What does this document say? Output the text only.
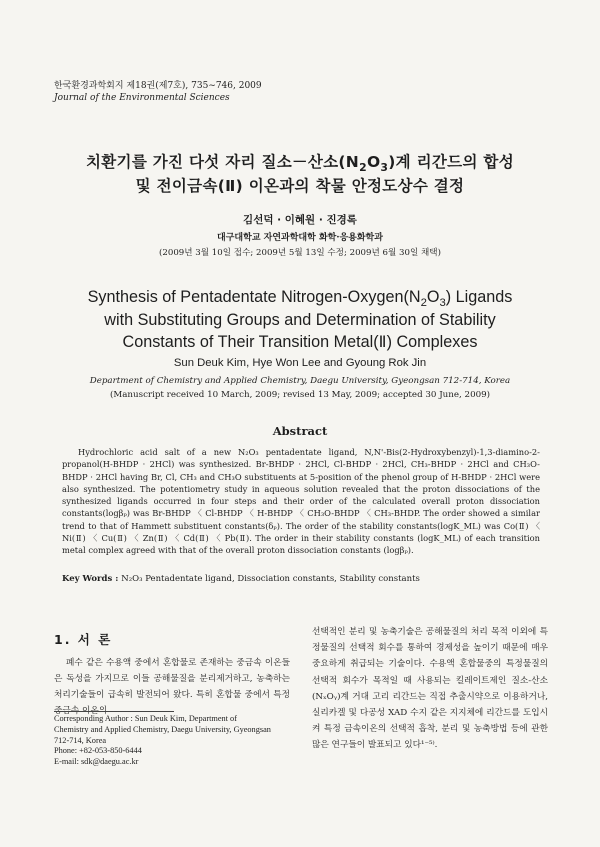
한국환경과학회지 제18권(제7호), 735∼746, 2009
Journal of the Environmental Sciences
치환기를 가진 다섯 자리 질소－산소$(N_2O_3)$계 리간드의 합성
및 전이금속(Ⅱ) 이온과의 착물 안정도상수 결정
김선덕 · 이혜원 · 진경록
대구대학교 자연과학대학 화학·응용화학과
(2009년 3월 10일 접수; 2009년 5월 13일 수정; 2009년 6월 30일 채택)
Synthesis of Pentadentate Nitrogen-$Oxygen(N_2O_3)$ Ligands
with Substituting Groups and Determination of Stability
Constants of Their Transition Metal(Ⅱ) Complexes
Sun Deuk Kim, Hye Won Lee and Gyoung Rok Jin
Department of Chemistry and Applied Chemistry, Daegu University, Gyeongsan 712-714, Korea
(Manuscript received 10 March, 2009; revised 13 May, 2009; accepted 30 June, 2009)
Abstract

Hydrochloric acid salt of a new N₂O₃ pentadentate ligand, N,N'-Bis(2-Hydroxybenzyl)-1,3-diamino-2-propanol(H-BHDP · 2HCl) was synthesized. Br-BHDP · 2HCl, Cl-BHDP · 2HCl, CH₃-BHDP · 2HCl and CH₃O-BHDP · 2HCl having Br, Cl, CH₃ and CH₃O substituents at 5-position of the phenol group of H-BHDP · 2HCl were also synthesized. The potentiometry study in aqueous solution revealed that the proton dissociations of the synthesized ligands occurred in four steps and their order of the calculated overall proton dissociation constants(logβₚ) was Br-BHDP 〈 Cl-BHDP 〈 H-BHDP 〈 CH₃O-BHDP 〈 CH₃-BHDP. The order showed a similar trend to that of Hammett substituent constants(δₚ). The order of the stability constants(logK_ML) was Co(Ⅱ) 〈 Ni(Ⅱ) 〈 Cu(Ⅱ) 〈 Zn(Ⅱ) 〈 Cd(Ⅱ) 〈 Pb(Ⅱ). The order in their stability constants (logK_ML) of each transition metal complex agreed with that of the overall proton dissociation constants (logβₚ).

Key Words : N₂O₃ Pentadentate ligand, Dissociation constants, Stability constants
1. 서 론

폐수 같은 수용액 중에서 혼합물로 존재하는 중금속 이온들은 독성을 가지므로 이들 공해물질을 분리제거하고, 농축하는 처리기술들이 급속히 발전되어 왔다. 특히 혼합물 중에서 특정 중금속 이온의

선택적인 분리 및 농축기술은 공해물질의 처리 목적 이외에 특정물질의 선택적 회수를 통하여 경제성을 높이기 때문에 매우 중요하게 취급되는 기술이다. 수용액 혼합물중의 특정물질의 선택적 회수가 목적일 때 사용되는 킬레이트제인 질소-산소(NₓOᵧ)계 거대 고리 리간드는 직접 추출시약으로 이용하거나, 실리카겔 및 다공성 XAD 수지 같은 지지체에 리간드를 도입시켜 특정 금속이온의 선택적 흡착, 분리 및 농축방법 등에 관한 많은 연구들이 발표되고 있다¹⁻⁵⁾.

Corresponding Author : Sun Deuk Kim, Department of
Chemistry and Applied Chemistry, Daegu University, Gyeongsan
712-714, Korea
Phone: +82-053-850-6444
E-mail: sdk@daegu.ac.kr
